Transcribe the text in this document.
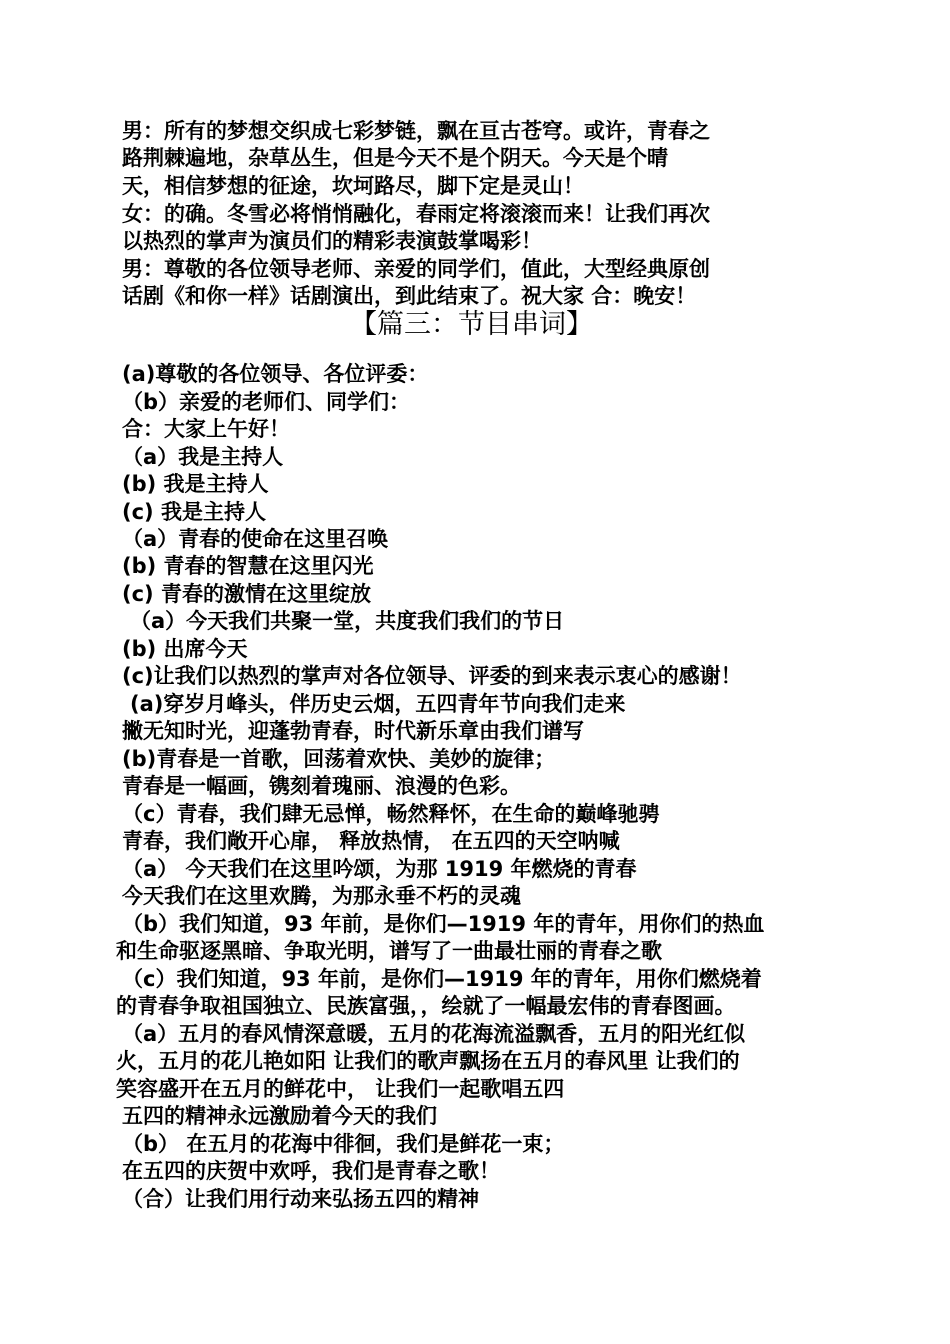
男：所有的梦想交织成七彩梦链，飘在亘古苍穹。或许，青春之
路荆棘遍地，杂草丛生，但是今天不是个阴天。今天是个晴
天，相信梦想的征途，坎坷路尽，脚下定是灵山！
女：的确。冬雪必将悄悄融化，春雨定将滚滚而来！让我们再次
以热烈的掌声为演员们的精彩表演鼓掌喝彩！
男：尊敬的各位领导老师、亲爱的同学们，值此，大型经典原创
话剧《和你一样》话剧演出，到此结束了。祝大家 合：晚安！
【篇三：节目串词】
(a)尊敬的各位领导、各位评委：
（b）亲爱的老师们、同学们：
合：大家上午好！
（a）我是主持人
(b) 我是主持人
(c) 我是主持人
（a）青春的使命在这里召唤
(b) 青春的智慧在这里闪光
(c) 青春的激情在这里绽放
（a）今天我们共聚一堂，共度我们我们的节日
(b) 出席今天
(c)让我们以热烈的掌声对各位领导、评委的到来表示衷心的感谢！
(a)穿岁月峰头，伴历史云烟，五四青年节向我们走来
撇无知时光，迎蓬勃青春，时代新乐章由我们谱写
(b)青春是一首歌，回荡着欢快、美妙的旋律；
青春是一幅画，镌刻着瑰丽、浪漫的色彩。
（c）青春，我们肆无忌惮，畅然释怀，在生命的巅峰驰骋
青春，我们敞开心扉， 释放热情， 在五四的天空呐喊
（a） 今天我们在这里吟颂，为那 1919 年燃烧的青春
今天我们在这里欢腾，为那永垂不朽的灵魂
（b）我们知道，93 年前，是你们—1919 年的青年，用你们的热血
和生命驱逐黑暗、争取光明，谱写了一曲最壮丽的青春之歌
（c）我们知道，93 年前，是你们—1919 年的青年，用你们燃烧着
的青春争取祖国独立、民族富强，，绘就了一幅最宏伟的青春图画。
（a）五月的春风情深意暖，五月的花海流溢飘香，五月的阳光红似
火，五月的花儿艳如阳 让我们的歌声飘扬在五月的春风里 让我们的
笑容盛开在五月的鲜花中， 让我们一起歌唱五四
五四的精神永远激励着今天的我们
（b） 在五月的花海中徘徊，我们是鲜花一束；
在五四的庆贺中欢呼，我们是青春之歌！
（合）让我们用行动来弘扬五四的精神
